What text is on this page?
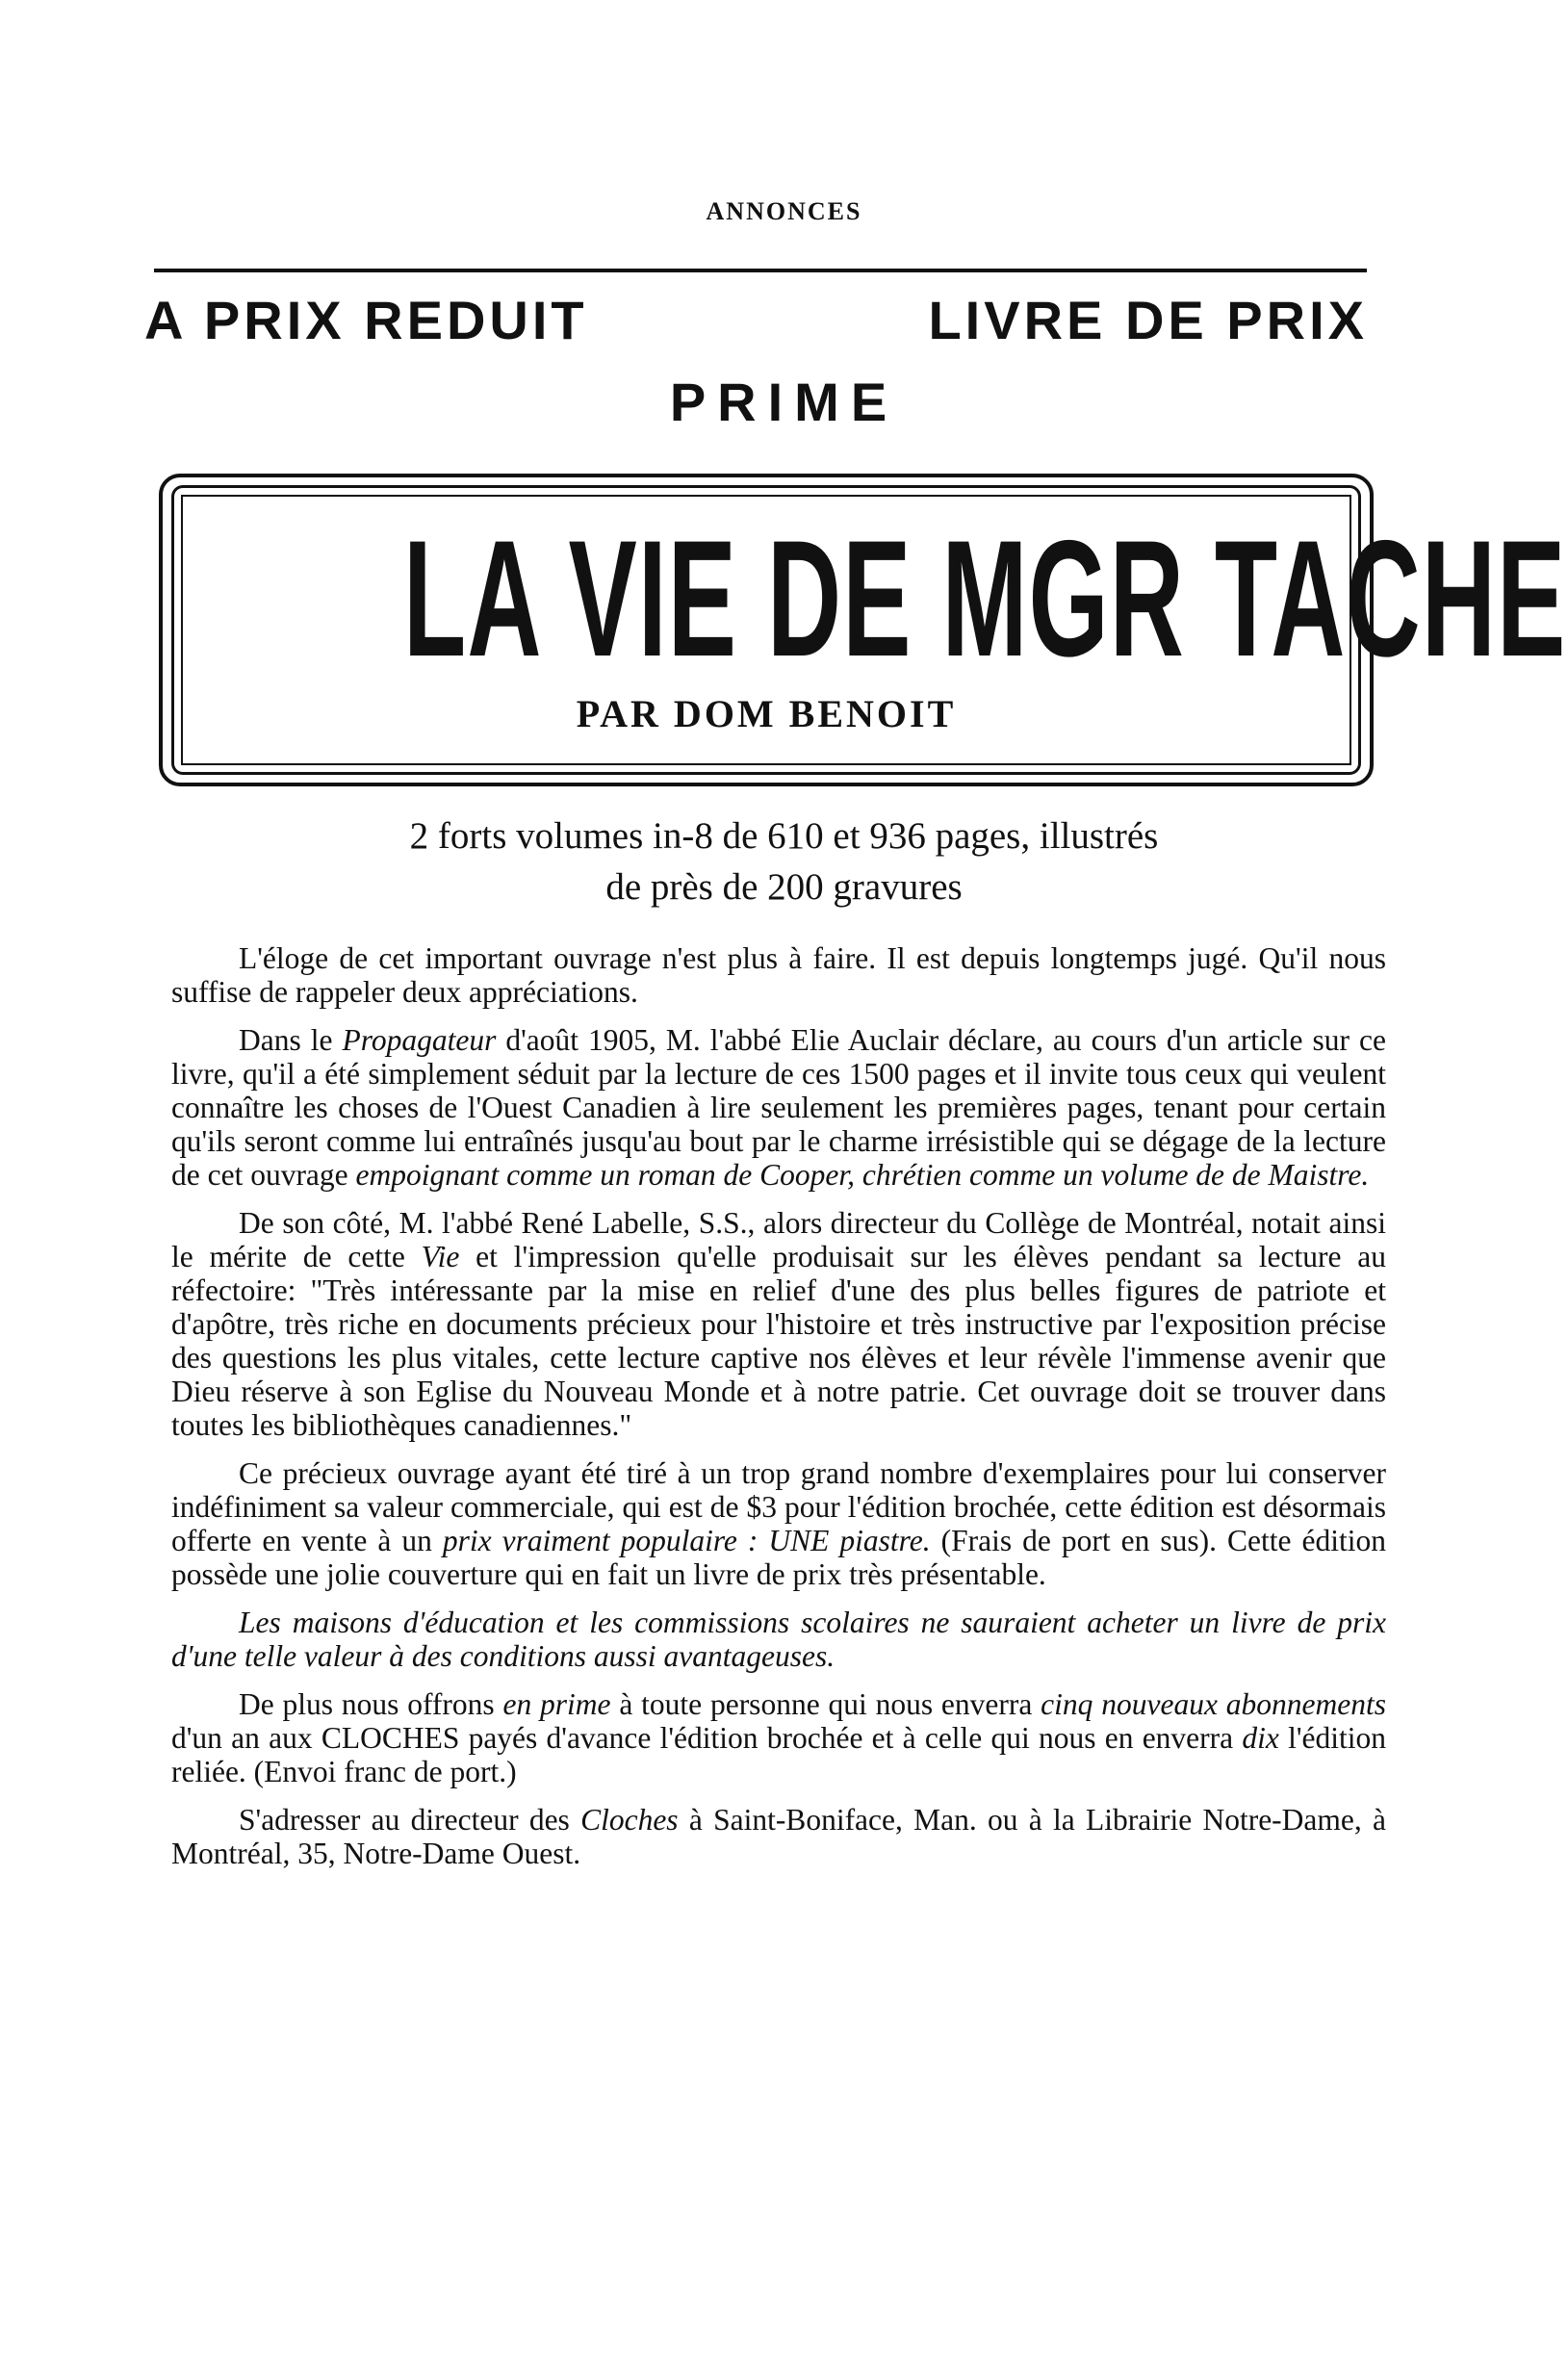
ANNONCES
A PRIX REDUIT	LIVRE DE PRIX
PRIME
LA VIE DE MGR TACHE
PAR DOM BENOIT
2 forts volumes in-8 de 610 et 936 pages, illustrés
de près de 200 gravures

L'éloge de cet important ouvrage n'est plus à faire. Il est depuis longtemps jugé. Qu'il nous suffise de rappeler deux appréciations.

Dans le Propagateur d'août 1905, M. l'abbé Elie Auclair déclare, au cours d'un article sur ce livre, qu'il a été simplement séduit par la lecture de ces 1500 pages et il invite tous ceux qui veulent connaître les choses de l'Ouest Canadien à lire seulement les premières pages, tenant pour certain qu'ils seront comme lui entraînés jusqu'au bout par le charme irrésistible qui se dégage de la lecture de cet ouvrage empoignant comme un roman de Cooper, chrétien comme un volume de de Maistre.

De son côté, M. l'abbé René Labelle, S.S., alors directeur du Collège de Montréal, notait ainsi le mérite de cette Vie et l'impression qu'elle produisait sur les élèves pendant sa lecture au réfectoire: "Très intéressante par la mise en relief d'une des plus belles figures de patriote et d'apôtre, très riche en documents précieux pour l'histoire et très instructive par l'exposition précise des questions les plus vitales, cette lecture captive nos élèves et leur révèle l'immense avenir que Dieu réserve à son Eglise du Nouveau Monde et à notre patrie. Cet ouvrage doit se trouver dans toutes les bibliothèques canadiennes."

Ce précieux ouvrage ayant été tiré à un trop grand nombre d'exemplaires pour lui conserver indéfiniment sa valeur commerciale, qui est de $3 pour l'édition brochée, cette édition est désormais offerte en vente à un prix vraiment populaire : UNE piastre. (Frais de port en sus). Cette édition possède une jolie couverture qui en fait un livre de prix très présentable.

Les maisons d'éducation et les commissions scolaires ne sauraient acheter un livre de prix d'une telle valeur à des conditions aussi avantageuses.

De plus nous offrons en prime à toute personne qui nous enverra cinq nouveaux abonnements d'un an aux CLOCHES payés d'avance l'édition brochée et à celle qui nous en enverra dix l'édition reliée. (Envoi franc de port.)

S'adresser au directeur des Cloches à Saint-Boniface, Man. ou à la Librairie Notre-Dame, à Montréal, 35, Notre-Dame Ouest.
